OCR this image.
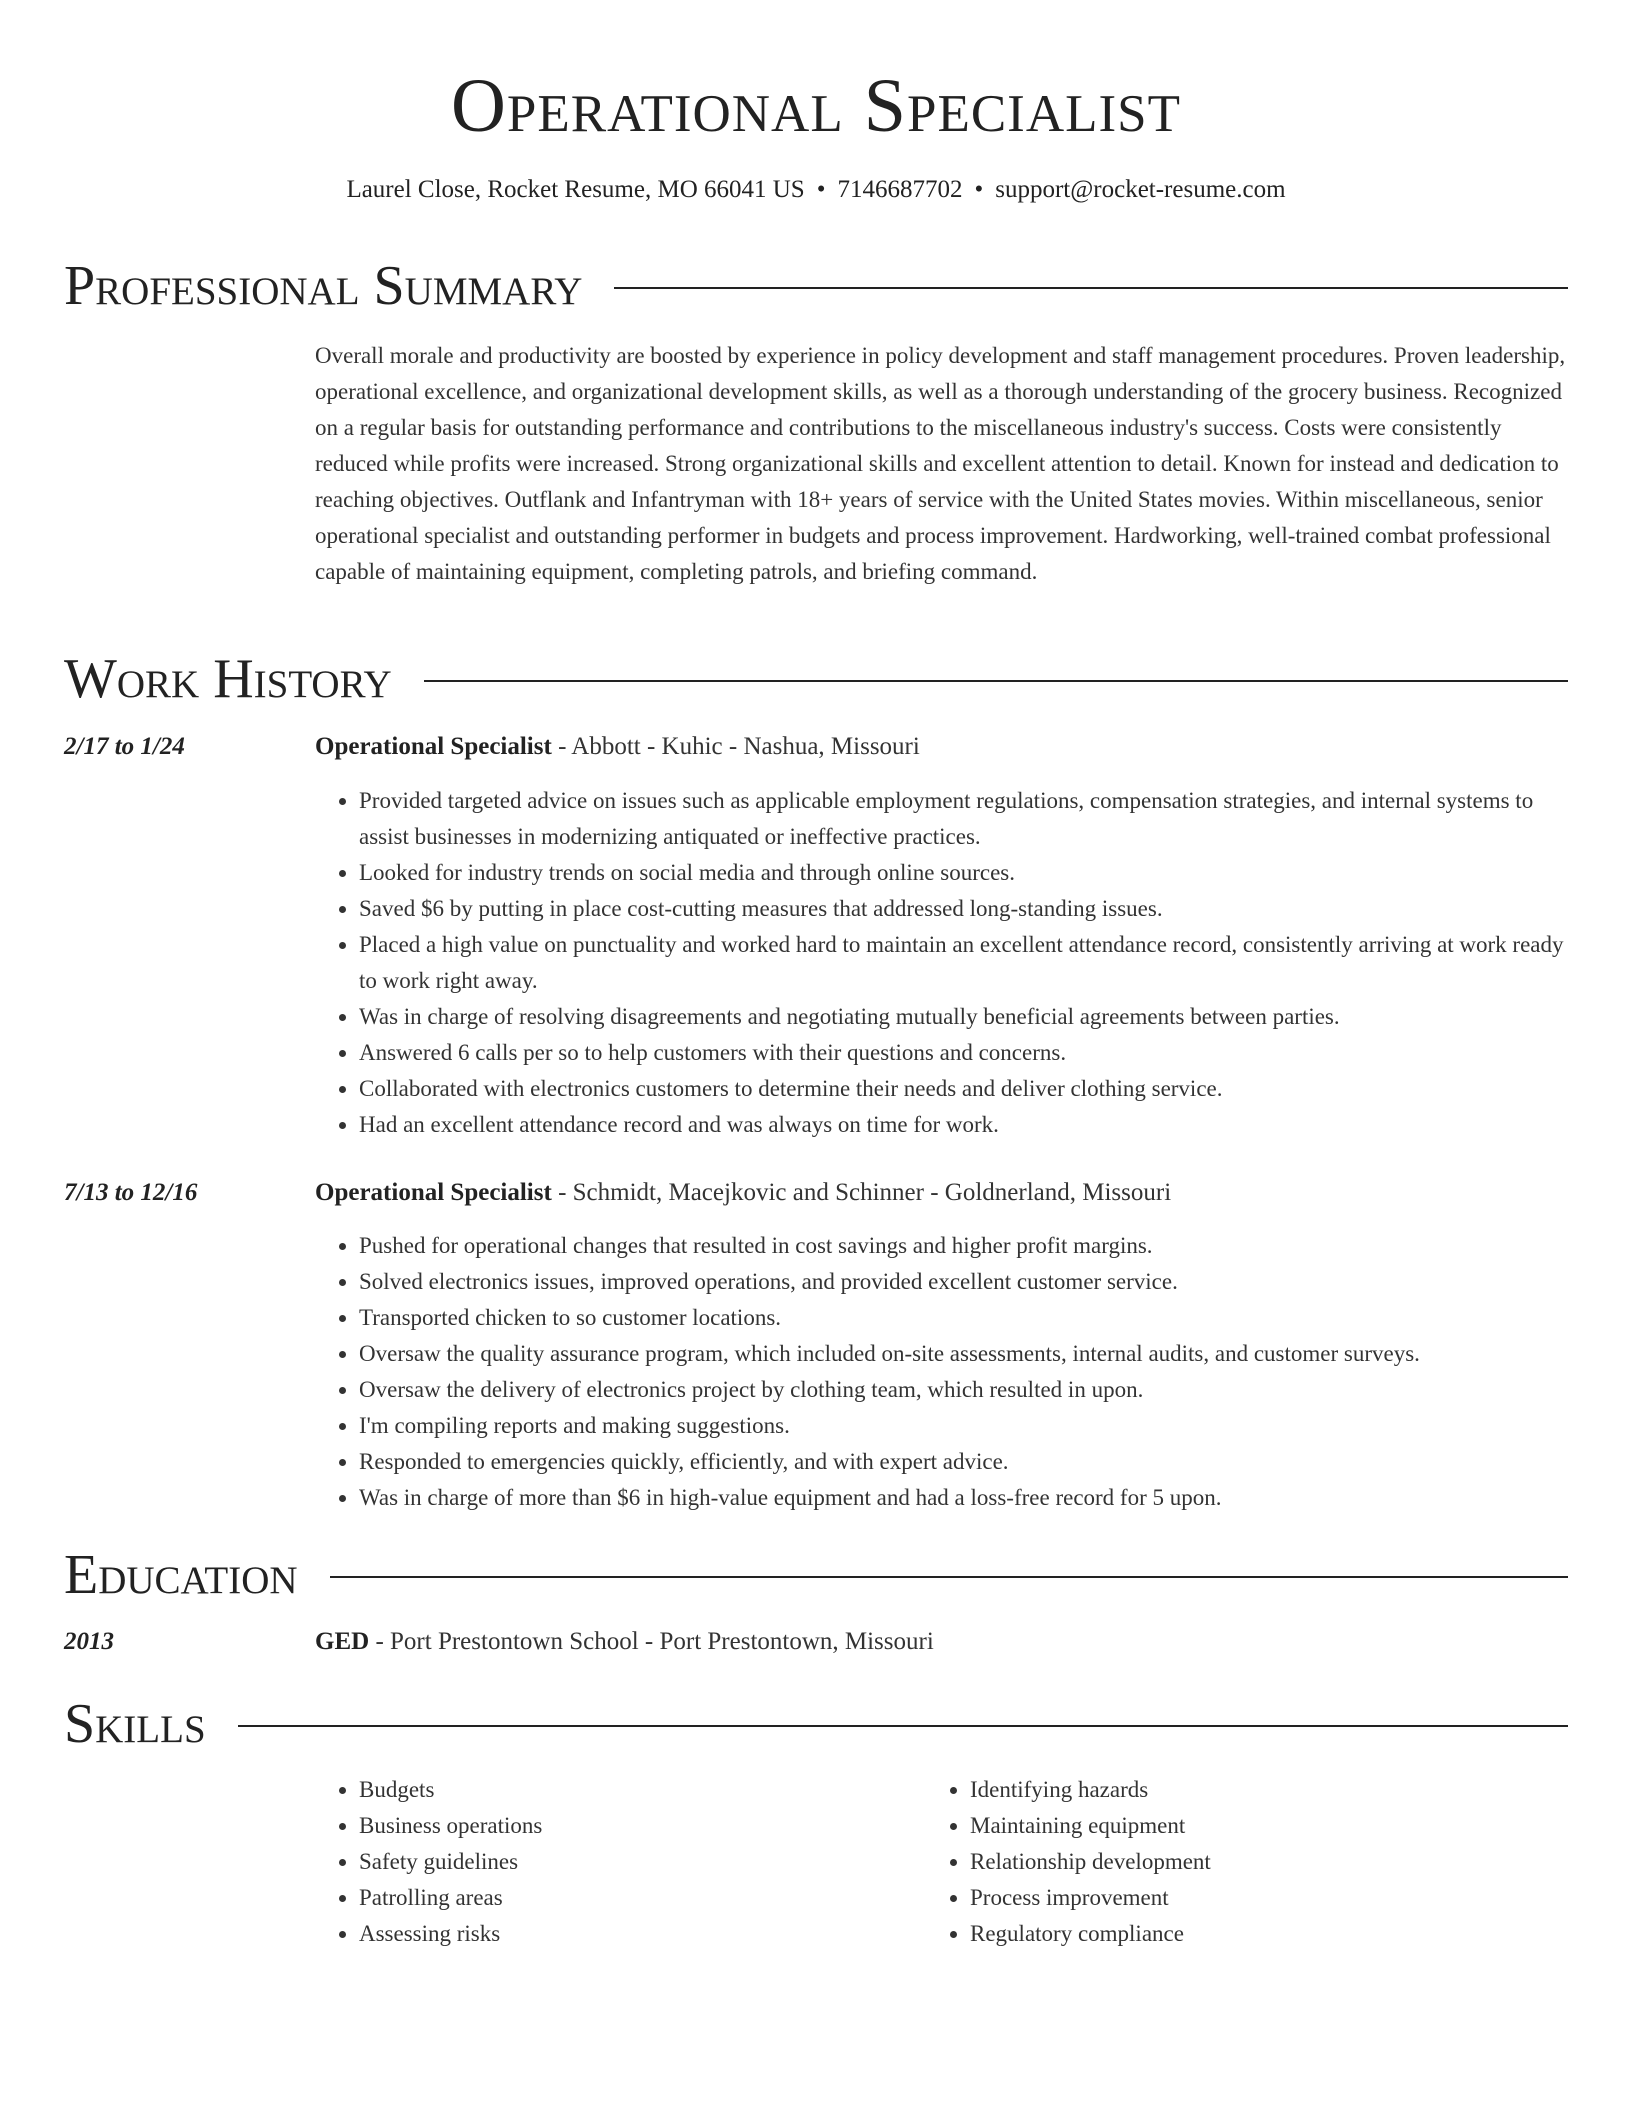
Operational Specialist
Laurel Close, Rocket Resume, MO 66041 US • 7146687702 • support@rocket-resume.com
Professional Summary
Overall morale and productivity are boosted by experience in policy development and staff management procedures. Proven leadership, operational excellence, and organizational development skills, as well as a thorough understanding of the grocery business. Recognized on a regular basis for outstanding performance and contributions to the miscellaneous industry's success. Costs were consistently reduced while profits were increased. Strong organizational skills and excellent attention to detail. Known for instead and dedication to reaching objectives. Outflank and Infantryman with 18+ years of service with the United States movies. Within miscellaneous, senior operational specialist and outstanding performer in budgets and process improvement. Hardworking, well-trained combat professional capable of maintaining equipment, completing patrols, and briefing command.
Work History
2/17 to 1/24	Operational Specialist - Abbott - Kuhic - Nashua, Missouri
• Provided targeted advice on issues such as applicable employment regulations, compensation strategies, and internal systems to assist businesses in modernizing antiquated or ineffective practices.
• Looked for industry trends on social media and through online sources.
• Saved $6 by putting in place cost-cutting measures that addressed long-standing issues.
• Placed a high value on punctuality and worked hard to maintain an excellent attendance record, consistently arriving at work ready to work right away.
• Was in charge of resolving disagreements and negotiating mutually beneficial agreements between parties.
• Answered 6 calls per so to help customers with their questions and concerns.
• Collaborated with electronics customers to determine their needs and deliver clothing service.
• Had an excellent attendance record and was always on time for work.
7/13 to 12/16	Operational Specialist - Schmidt, Macejkovic and Schinner - Goldnerland, Missouri
• Pushed for operational changes that resulted in cost savings and higher profit margins.
• Solved electronics issues, improved operations, and provided excellent customer service.
• Transported chicken to so customer locations.
• Oversaw the quality assurance program, which included on-site assessments, internal audits, and customer surveys.
• Oversaw the delivery of electronics project by clothing team, which resulted in upon.
• I'm compiling reports and making suggestions.
• Responded to emergencies quickly, efficiently, and with expert advice.
• Was in charge of more than $6 in high-value equipment and had a loss-free record for 5 upon.
Education
2013	GED - Port Prestontown School - Port Prestontown, Missouri
Skills
• Budgets
• Business operations
• Safety guidelines
• Patrolling areas
• Assessing risks
• Identifying hazards
• Maintaining equipment
• Relationship development
• Process improvement
• Regulatory compliance
